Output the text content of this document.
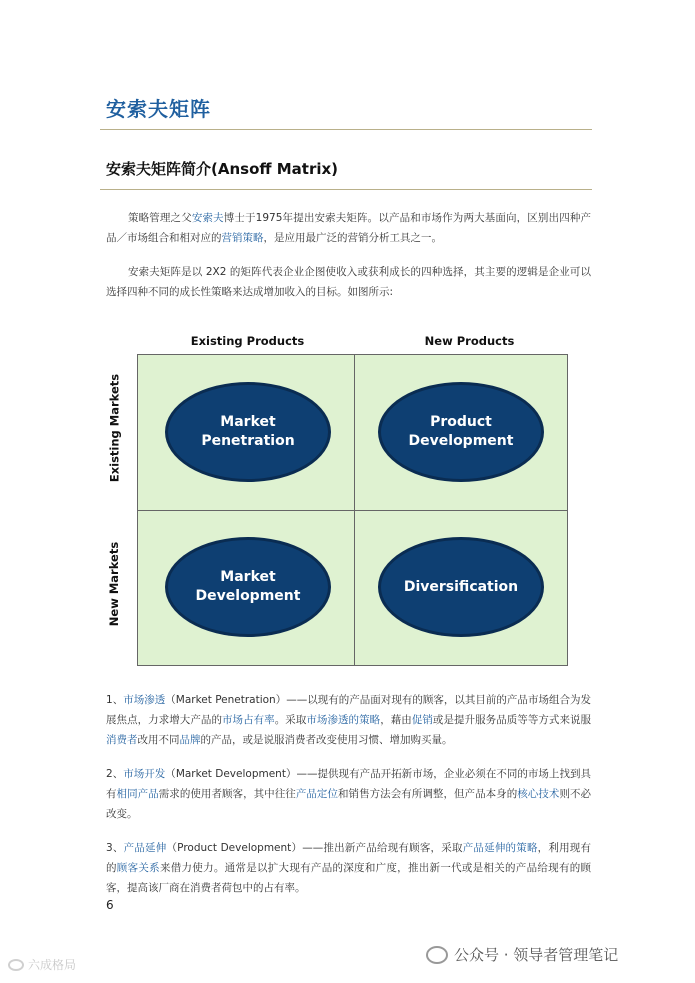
安索夫矩阵
安索夫矩阵简介(Ansoff Matrix)
策略管理之父安索夫博士于1975年提出安索夫矩阵。以产品和市场作为两大基面向，区别出四种产品／市场组合和相对应的营销策略，是应用最广泛的营销分析工具之一。
安索夫矩阵是以 2X2 的矩阵代表企业企图使收入或获利成长的四种选择，其主要的逻辑是企业可以选择四种不同的成长性策略来达成增加收入的目标。如图所示:
Existing Products	New Products
Existing Markets
New Markets
Market
Penetration
Product
Development
Market
Development
Diversification
1、市场渗透（Market Penetration）——以现有的产品面对现有的顾客，以其目前的产品市场组合为发展焦点，力求增大产品的市场占有率。采取市场渗透的策略，藉由促销或是提升服务品质等等方式来说服消费者改用不同品牌的产品，或是说服消费者改变使用习惯、增加购买量。
2、市场开发（Market Development）——提供现有产品开拓新市场，企业必须在不同的市场上找到具有相同产品需求的使用者顾客，其中往往产品定位和销售方法会有所调整，但产品本身的核心技术则不必改变。
3、产品延伸（Product Development）——推出新产品给现有顾客，采取产品延伸的策略，利用现有的顾客关系来借力使力。通常是以扩大现有产品的深度和广度，推出新一代或是相关的产品给现有的顾客，提高该厂商在消费者荷包中的占有率。
6
公众号 · 领导者管理笔记
六成格局
